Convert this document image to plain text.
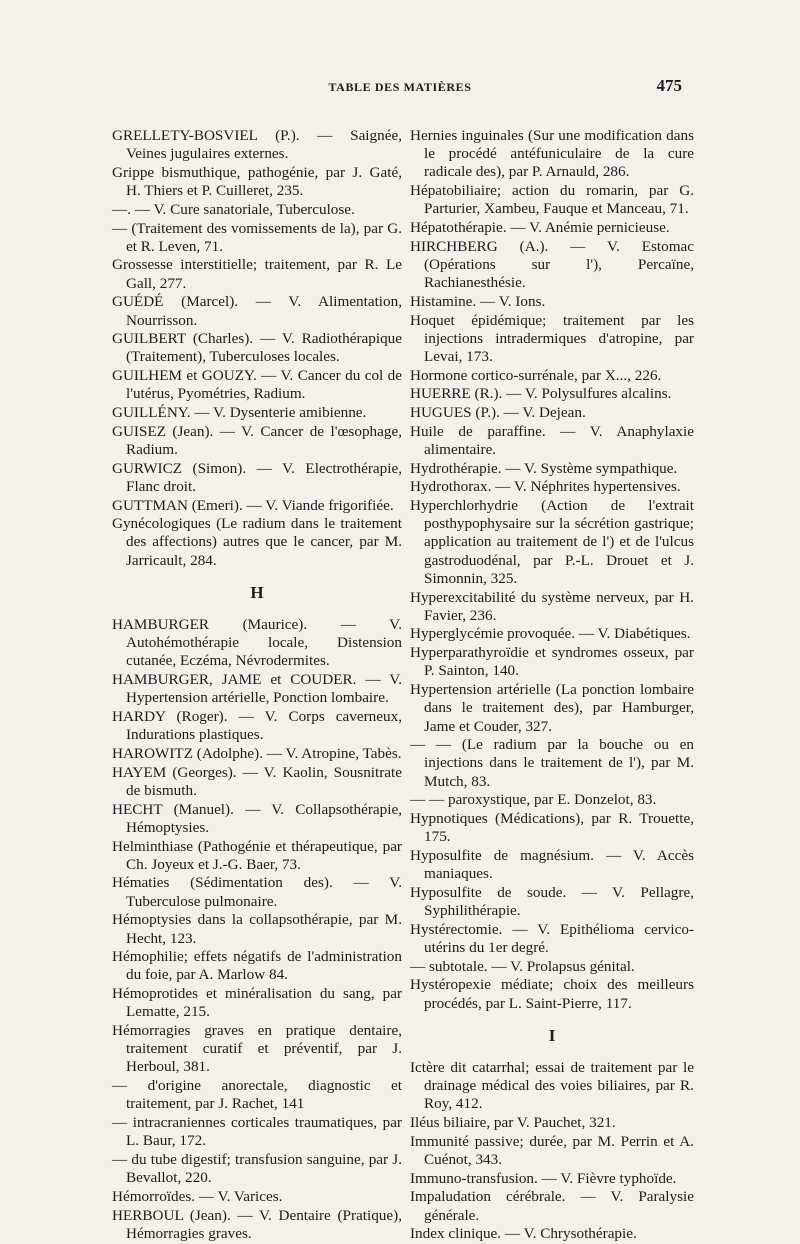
TABLE DES MATIÈRES	475

GRELLETY-BOSVIEL (P.). — Saignée, Veines jugulaires externes.

Grippe bismuthique, pathogénie, par J. Gaté, H. Thiers et P. Cuilleret, 235.

—. — V. Cure sanatoriale, Tuberculose.

— (Traitement des vomissements de la), par G. et R. Leven, 71.

Grossesse interstitielle; traitement, par R. Le Gall, 277.

GUÉDÉ (Marcel). — V. Alimentation, Nourrisson.

GUILBERT (Charles). — V. Radiothérapique (Traitement), Tuberculoses locales.

GUILHEM et GOUZY. — V. Cancer du col de l'utérus, Pyométries, Radium.

GUILLÉNY. — V. Dysenterie amibienne.

GUISEZ (Jean). — V. Cancer de l'œsophage, Radium.

GURWICZ (Simon). — V. Electrothérapie, Flanc droit.

GUTTMAN (Emeri). — V. Viande frigorifiée.

Gynécologiques (Le radium dans le traitement des affections) autres que le cancer, par M. Jarricault, 284.

H

HAMBURGER (Maurice). — V. Autohémothérapie locale, Distension cutanée, Eczéma, Névrodermites.

HAMBURGER, JAME et COUDER. — V. Hypertension artérielle, Ponction lombaire.

HARDY (Roger). — V. Corps caverneux, Indurations plastiques.

HAROWITZ (Adolphe). — V. Atropine, Tabès.

HAYEM (Georges). — V. Kaolin, Sousnitrate de bismuth.

HECHT (Manuel). — V. Collapsothérapie, Hémoptysies.

Helminthiase (Pathogénie et thérapeutique, par Ch. Joyeux et J.-G. Baer, 73.

Hématies (Sédimentation des). — V. Tuberculose pulmonaire.

Hémoptysies dans la collapsothérapie, par M. Hecht, 123.

Hémophilie; effets négatifs de l'administration du foie, par A. Marlow 84.

Hémoprotides et minéralisation du sang, par Lematte, 215.

Hémorragies graves en pratique dentaire, traitement curatif et préventif, par J. Herboul, 381.

— d'origine anorectale, diagnostic et traitement, par J. Rachet, 141

— intracraniennes corticales traumatiques, par L. Baur, 172.

— du tube digestif; transfusion sanguine, par J. Bevallot, 220.

Hémorroïdes. — V. Varices.

HERBOUL (Jean). — V. Dentaire (Pratique), Hémorragies graves.

Hernies inguinales (Sur une modification dans le procédé antéfuniculaire de la cure radicale des), par P. Arnauld, 286.

Hépatobiliaire; action du romarin, par G. Parturier, Xambeu, Fauque et Manceau, 71.

Hépatothérapie. — V. Anémie pernicieuse.

HIRCHBERG (A.). — V. Estomac (Opérations sur l'), Percaïne, Rachianesthésie.

Histamine. — V. Ions.

Hoquet épidémique; traitement par les injections intradermiques d'atropine, par Levai, 173.

Hormone cortico-surrénale, par X..., 226.

HUERRE (R.). — V. Polysulfures alcalins.

HUGUES (P.). — V. Dejean.

Huile de paraffine. — V. Anaphylaxie alimentaire.

Hydrothérapie. — V. Système sympathique.

Hydrothorax. — V. Néphrites hypertensives.

Hyperchlorhydrie (Action de l'extrait posthypophysaire sur la sécrétion gastrique; application au traitement de l') et de l'ulcus gastroduodénal, par P.-L. Drouet et J. Simonnin, 325.

Hyperexcitabilité du système nerveux, par H. Favier, 236.

Hyperglycémie provoquée. — V. Diabétiques.

Hyperparathyroïdie et syndromes osseux, par P. Sainton, 140.

Hypertension artérielle (La ponction lombaire dans le traitement des), par Hamburger, Jame et Couder, 327.

— — (Le radium par la bouche ou en injections dans le traitement de l'), par M. Mutch, 83.

— — paroxystique, par E. Donzelot, 83.

Hypnotiques (Médications), par R. Trouette, 175.

Hyposulfite de magnésium. — V. Accès maniaques.

Hyposulfite de soude. — V. Pellagre, Syphilithérapie.

Hystérectomie. — V. Epithélioma cervico-utérins du 1er degré.

— subtotale. — V. Prolapsus génital.

Hystéropexie médiate; choix des meilleurs procédés, par L. Saint-Pierre, 117.

I

Ictère dit catarrhal; essai de traitement par le drainage médical des voies biliaires, par R. Roy, 412.

Iléus biliaire, par V. Pauchet, 321.

Immunité passive; durée, par M. Perrin et A. Cuénot, 343.

Immuno-transfusion. — V. Fièvre typhoïde.

Impaludation cérébrale. — V. Paralysie générale.

Index clinique. — V. Chrysothérapie.
